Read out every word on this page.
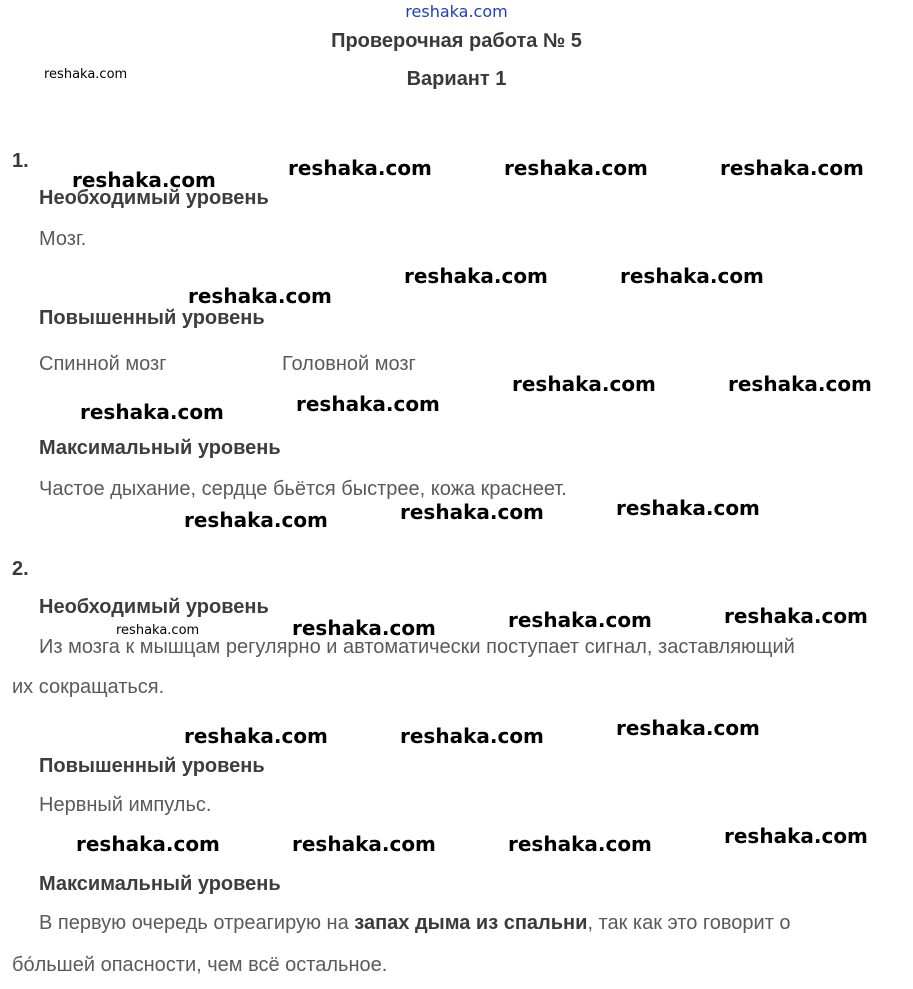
reshaka.com
Проверочная работа № 5
Вариант 1
1.
Необходимый уровень
Мозг.
Повышенный уровень
Спинной мозг	Головной мозг
Максимальный уровень
Частое дыхание, сердце бьётся быстрее, кожа краснеет.
2.
Необходимый уровень
Из мозга к мышцам регулярно и автоматически поступает сигнал, заставляющий
их сокращаться.
Повышенный уровень
Нервный импульс.
Максимальный уровень
В первую очередь отреагирую на запах дыма из спальни, так как это говорит о
бо́льшей опасности, чем всё остальное.
reshaka.com
reshaka.com	reshaka.com	reshaka.com	reshaka.com
reshaka.com	reshaka.com
reshaka.com
reshaka.com	reshaka.com
reshaka.com	reshaka.com
reshaka.com	reshaka.com	reshaka.com
reshaka.com	reshaka.com	reshaka.com	reshaka.com
reshaka.com	reshaka.com	reshaka.com
reshaka.com	reshaka.com	reshaka.com	reshaka.com
